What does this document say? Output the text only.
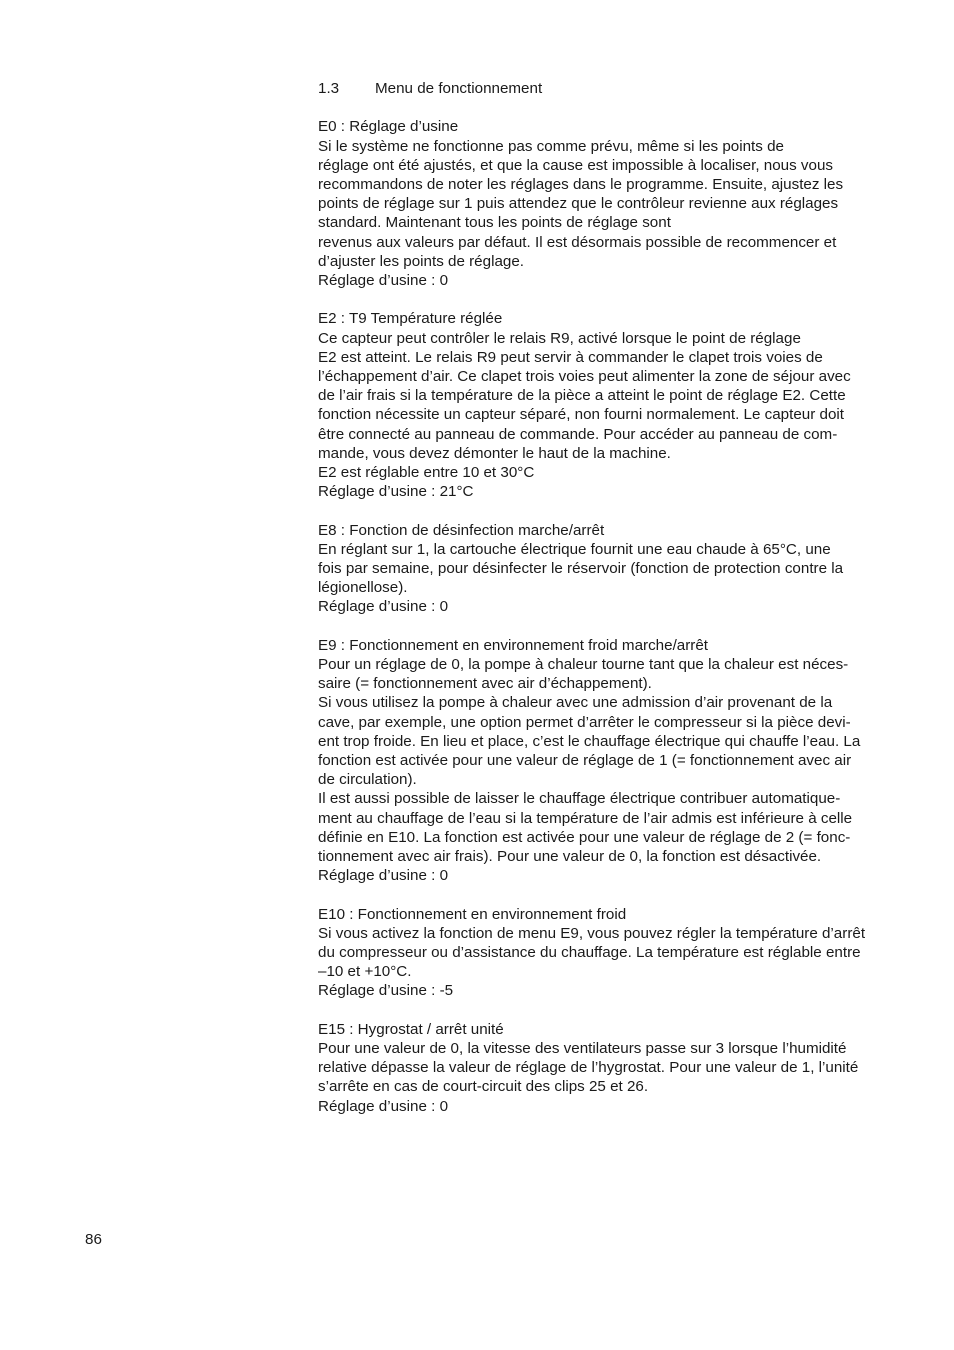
1.3	Menu de fonctionnement
E0 : Réglage d’usine
Si le système ne fonctionne pas comme prévu, même si les points de
réglage ont été ajustés, et que la cause est impossible à localiser, nous vous
recommandons de noter les réglages dans le programme. Ensuite, ajustez les
points de réglage sur 1 puis attendez que le contrôleur revienne aux réglages
standard. Maintenant tous les points de réglage sont
revenus aux valeurs par défaut. Il est désormais possible de recommencer et
d’ajuster les points de réglage.
Réglage d’usine : 0
E2 : T9 Température réglée
Ce capteur peut contrôler le relais R9, activé lorsque le point de réglage
E2 est atteint. Le relais R9 peut servir à commander le clapet trois voies de
l’échappement d’air. Ce clapet trois voies peut alimenter la zone de séjour avec
de l’air frais si la température de la pièce a atteint le point de réglage E2. Cette
fonction nécessite un capteur séparé, non fourni normalement. Le capteur doit
être connecté au panneau de commande. Pour accéder au panneau de com-
mande, vous devez démonter le haut de la machine.
E2 est réglable entre 10 et 30°C
Réglage d’usine : 21°C
E8 : Fonction de désinfection marche/arrêt
En réglant sur 1, la cartouche électrique fournit une eau chaude à 65°C, une
fois par semaine, pour désinfecter le réservoir (fonction de protection contre la
légionellose).
Réglage d’usine : 0
E9 : Fonctionnement en environnement froid marche/arrêt
Pour un réglage de 0, la pompe à chaleur tourne tant que la chaleur est néces-
saire (= fonctionnement avec air d’échappement).
Si vous utilisez la pompe à chaleur avec une admission d’air provenant de la
cave, par exemple, une option permet d’arrêter le compresseur si la pièce devi-
ent trop froide. En lieu et place, c’est le chauffage électrique qui chauffe l’eau. La
fonction est activée pour une valeur de réglage de 1 (= fonctionnement avec air
de circulation).
Il est aussi possible de laisser le chauffage électrique contribuer automatique-
ment au chauffage de l’eau si la température de l’air admis est inférieure à celle
définie en E10. La fonction est activée pour une valeur de réglage de 2 (= fonc-
tionnement avec air frais). Pour une valeur de 0, la fonction est désactivée.
Réglage d’usine : 0
E10 : Fonctionnement en environnement froid
Si vous activez la fonction de menu E9, vous pouvez régler la température d’arrêt
du compresseur ou d’assistance du chauffage. La température est réglable entre
–10 et +10°C.
Réglage d’usine : -5
E15 : Hygrostat / arrêt unité
Pour une valeur de 0, la vitesse des ventilateurs passe sur 3 lorsque l’humidité
relative dépasse la valeur de réglage de l’hygrostat. Pour une valeur de 1, l’unité
s’arrête en cas de court-circuit des clips 25 et 26.
Réglage d’usine : 0
86
